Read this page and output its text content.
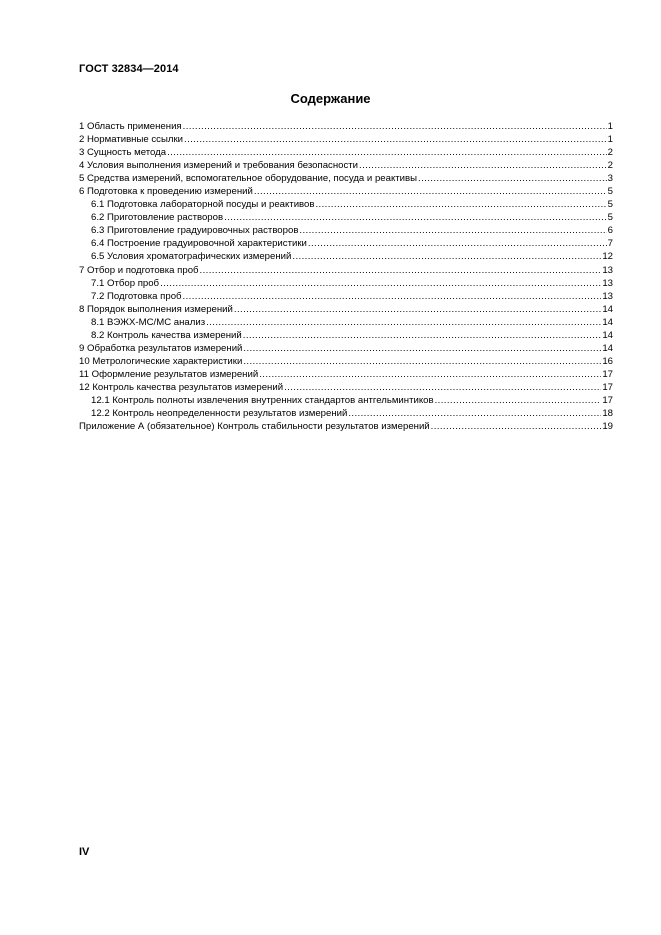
ГОСТ 32834—2014
Содержание
1 Область применения .....	1
2 Нормативные ссылки .....	1
3 Сущность метода .....	2
4 Условия выполнения измерений и требования безопасности .....	2
5 Средства измерений, вспомогательное оборудование, посуда и реактивы .....	3
6 Подготовка к проведению измерений .....	5
6.1 Подготовка лабораторной посуды и реактивов .....	5
6.2 Приготовление растворов .....	5
6.3 Приготовление градуировочных растворов .....	6
6.4 Построение градуировочной характеристики .....	7
6.5 Условия хроматографических измерений .....	12
7 Отбор и подготовка проб .....	13
7.1 Отбор проб .....	13
7.2 Подготовка проб .....	13
8 Порядок выполнения измерений .....	14
8.1 ВЭЖХ-МС/МС анализ .....	14
8.2 Контроль качества измерений .....	14
9 Обработка результатов измерений .....	14
10 Метрологические характеристики .....	16
11 Оформление результатов измерений .....	17
12 Контроль качества результатов измерений .....	17
12.1 Контроль полноты извлечения внутренних стандартов антгельминтиков .....	17
12.2 Контроль неопределенности результатов измерений .....	18
Приложение А (обязательное) Контроль стабильности результатов измерений .....	19
IV
